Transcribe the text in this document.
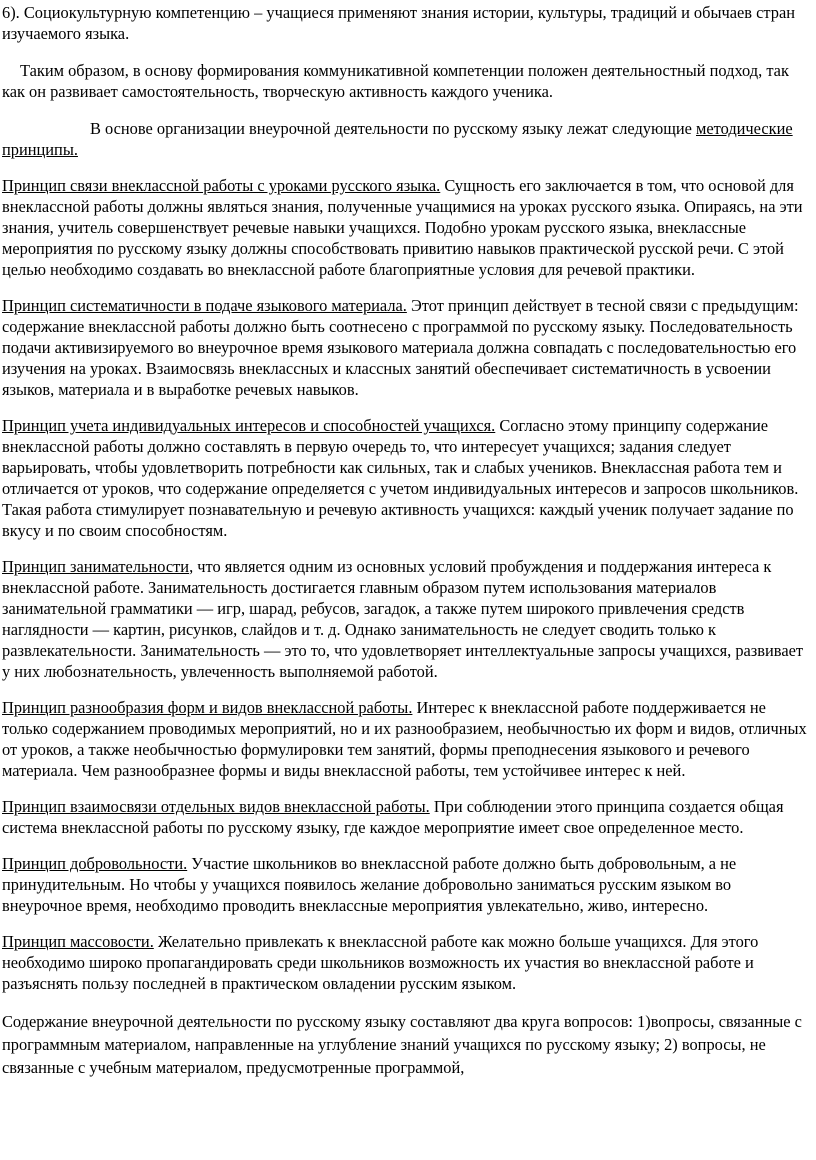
6). Социокультурную компетенцию – учащиеся применяют знания истории, культуры, традиций и обычаев стран изучаемого языка.

Таким образом, в основу формирования коммуникативной компетенции положен деятельностный подход, так как он развивает самостоятельность, творческую активность каждого ученика.

В основе организации внеурочной деятельности по русскому языку лежат следующие методические принципы.

Принцип связи внеклассной работы с уроками русского языка. Сущность его заключается в том, что основой для внеклассной работы должны являться знания, полученные учащимися на уроках русского языка. Опираясь, на эти знания, учитель совершенствует речевые навыки учащихся. Подобно урокам русского языка, внеклассные мероприятия по русскому языку должны способствовать привитию навыков практической русской речи. С этой целью необходимо создавать во внеклассной работе благоприятные условия для речевой практики.

Принцип систематичности в подаче языкового материала. Этот принцип действует в тесной связи с предыдущим: содержание внеклассной работы должно быть соотнесено с программой по русскому языку. Последовательность подачи активизируемого во внеурочное время языкового материала должна совпадать с последовательностью его изучения на уроках. Взаимосвязь внеклассных и классных занятий обеспечивает систематичность в усвоении языков, материала и в выработке речевых навыков.

Принцип учета индивидуальных интересов и способностей учащихся. Согласно этому принципу содержание внеклассной работы должно составлять в первую очередь то, что интересует учащихся; задания следует варьировать, чтобы удовлетворить потребности как сильных, так и слабых учеников. Внеклассная работа тем и отличается от уроков, что содержание определяется с учетом индивидуальных интересов и запросов школьников. Такая работа стимулирует познавательную и речевую активность учащихся: каждый ученик получает задание по вкусу и по своим способностям.

Принцип занимательности, что является одним из основных условий пробуждения и поддержания интереса к внеклассной работе. Занимательность достигается главным образом путем использования материалов занимательной грамматики — игр, шарад, ребусов, загадок, а также путем широкого привлечения средств наглядности — картин, рисунков, слайдов и т. д. Однако занимательность не следует сводить только к развлекательности. Занимательность — это то, что удовлетворяет интеллектуальные запросы учащихся, развивает у них любознательность, увлеченность выполняемой работой.

Принцип разнообразия форм и видов внеклассной работы. Интерес к внеклассной работе поддерживается не только содержанием проводимых мероприятий, но и их разнообразием, необычностью их форм и видов, отличных от уроков, а также необычностью формулировки тем занятий, формы преподнесения языкового и речевого материала. Чем разнообразнее формы и виды внеклассной работы, тем устойчивее интерес к ней.

Принцип взаимосвязи отдельных видов внеклассной работы. При соблюдении этого принципа создается общая система внеклассной работы по русскому языку, где каждое мероприятие имеет свое определенное место.

Принцип добровольности. Участие школьников во внеклассной работе должно быть добровольным, а не принудительным. Но чтобы у учащихся появилось желание добровольно заниматься русским языком во внеурочное время, необходимо проводить внеклассные мероприятия увлекательно, живо, интересно.

Принцип массовости. Желательно привлекать к внеклассной работе как можно больше учащихся. Для этого необходимо широко пропагандировать среди школьников возможность их участия во внеклассной работе и разъяснять пользу последней в практическом овладении русским языком.

Содержание внеурочной деятельности по русскому языку составляют два круга вопросов: 1)вопросы, связанные с программным материалом, направленные на углубление знаний учащихся по русскому языку; 2) вопросы, не связанные с учебным материалом, предусмотренные программой,
